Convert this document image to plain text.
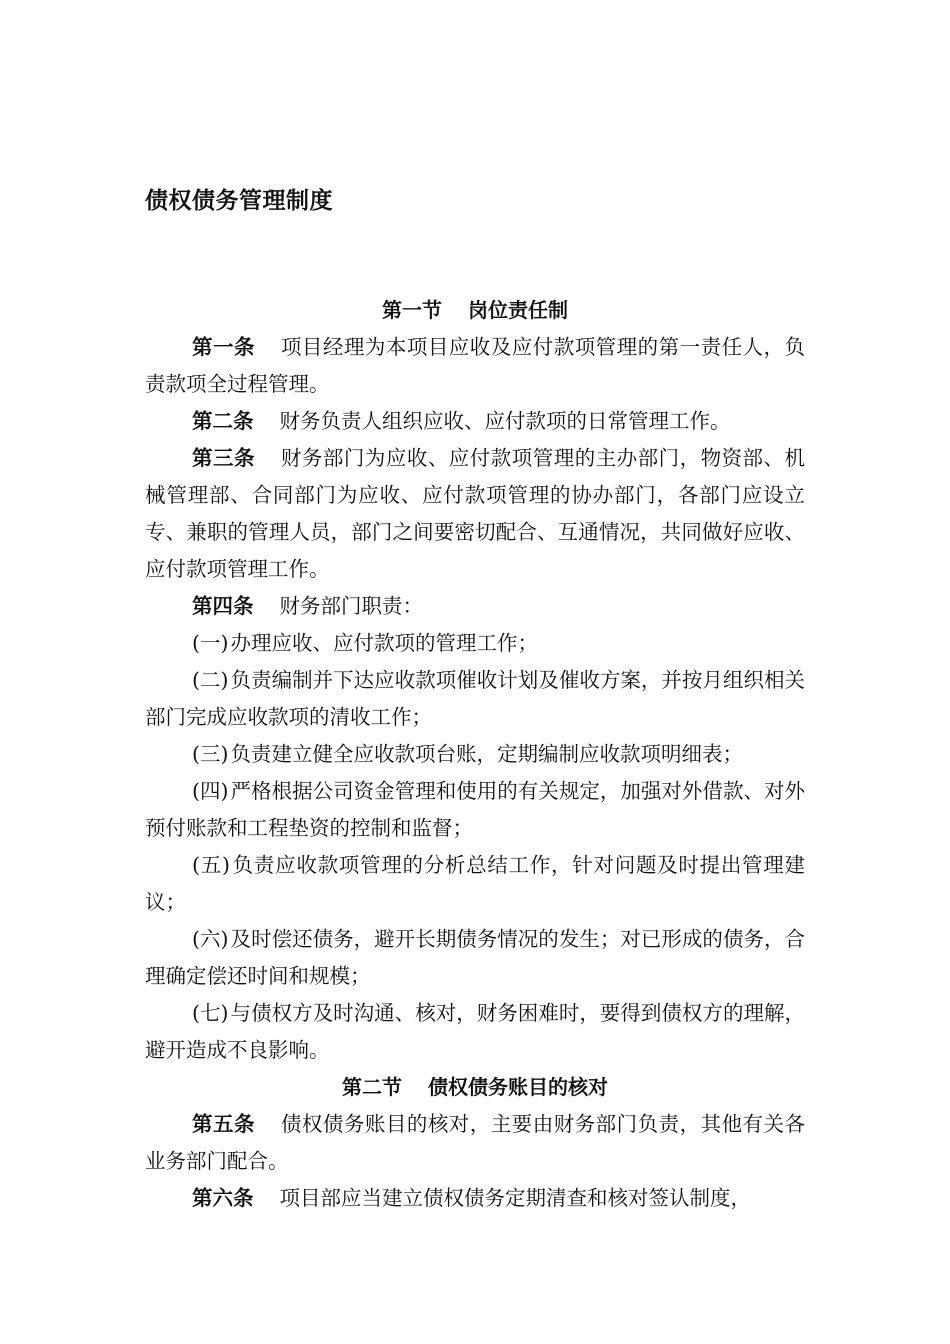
债权债务管理制度

第一节 岗位责任制

第一条 项目经理为本项目应收及应付款项管理的第一责任人，负责款项全过程管理。

第二条 财务负责人组织应收、应付款项的日常管理工作。

第三条 财务部门为应收、应付款项管理的主办部门，物资部、机械管理部、合同部门为应收、应付款项管理的协办部门，各部门应设立专、兼职的管理人员，部门之间要密切配合、互通情况，共同做好应收、应付款项管理工作。

第四条 财务部门职责：

(一)办理应收、应付款项的管理工作；

(二)负责编制并下达应收款项催收计划及催收方案，并按月组织相关部门完成应收款项的清收工作；

(三)负责建立健全应收款项台账，定期编制应收款项明细表；

(四)严格根据公司资金管理和使用的有关规定，加强对外借款、对外预付账款和工程垫资的控制和监督；

(五)负责应收款项管理的分析总结工作，针对问题及时提出管理建议；

(六)及时偿还债务，避开长期债务情况的发生；对已形成的债务，合理确定偿还时间和规模；

(七)与债权方及时沟通、核对，财务困难时，要得到债权方的理解，避开造成不良影响。

第二节 债权债务账目的核对

第五条 债权债务账目的核对，主要由财务部门负责，其他有关各业务部门配合。

第六条 项目部应当建立债权债务定期清查和核对签认制度，
